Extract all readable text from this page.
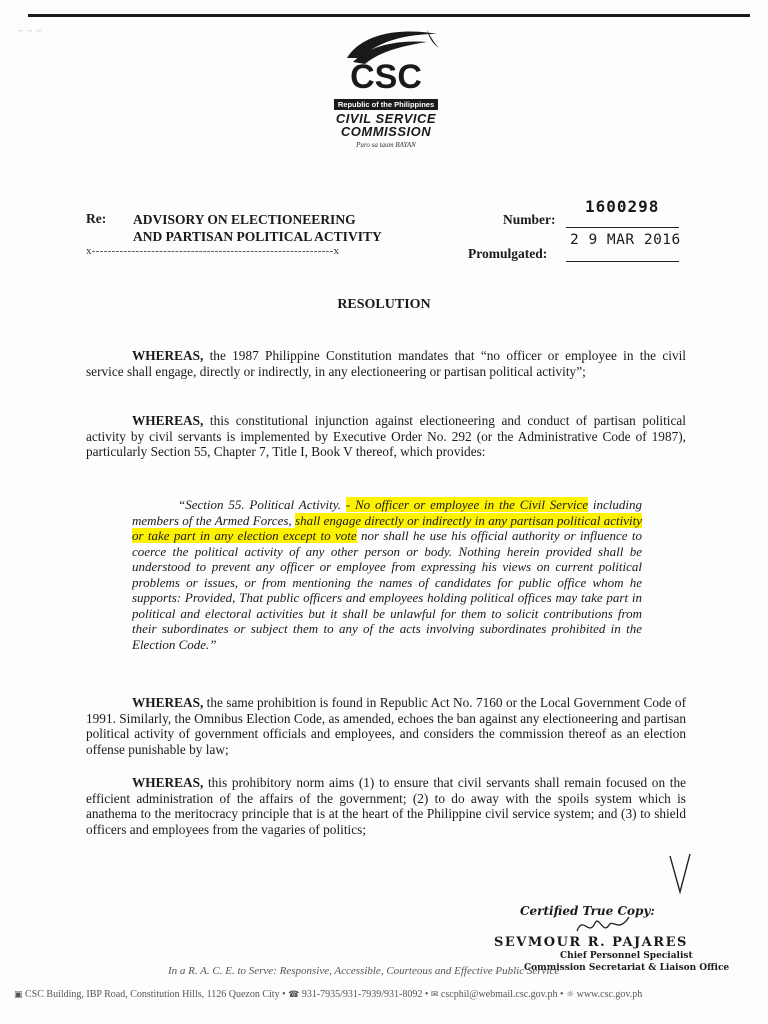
~ ~ ~
CSC
Republic of the Philippines
CIVIL SERVICE
COMMISSION
Puro sa taum BAYAN
Re: ADVISORY ON ELECTIONEERING
AND PARTISAN POLITICAL ACTIVITY
x-------------------------------------------------------------x
Number:
1600298
Promulgated:
2 9 MAR 2016
RESOLUTION
WHEREAS, the 1987 Philippine Constitution mandates that “no officer or employee in the civil service shall engage, directly or indirectly, in any electioneering or partisan political activity”;
WHEREAS, this constitutional injunction against electioneering and conduct of partisan political activity by civil servants is implemented by Executive Order No. 292 (or the Administrative Code of 1987), particularly Section 55, Chapter 7, Title I, Book V thereof, which provides:
“Section 55. Political Activity. - No officer or employee in the Civil Service including members of the Armed Forces, shall engage directly or indirectly in any partisan political activity or take part in any election except to vote nor shall he use his official authority or influence to coerce the political activity of any other person or body. Nothing herein provided shall be understood to prevent any officer or employee from expressing his views on current political problems or issues, or from mentioning the names of candidates for public office whom he supports: Provided, That public officers and employees holding political offices may take part in political and electoral activities but it shall be unlawful for them to solicit contributions from their subordinates or subject them to any of the acts involving subordinates prohibited in the Election Code.”
WHEREAS, the same prohibition is found in Republic Act No. 7160 or the Local Government Code of 1991. Similarly, the Omnibus Election Code, as amended, echoes the ban against any electioneering and partisan political activity of government officials and employees, and considers the commission thereof as an election offense punishable by law;
WHEREAS, this prohibitory norm aims (1) to ensure that civil servants shall remain focused on the efficient administration of the affairs of the government; (2) to do away with the spoils system which is anathema to the meritocracy principle that is at the heart of the Philippine civil service system; and (3) to shield officers and employees from the vagaries of politics;
Certified True Copy:
SEVMOUR R. PAJARES
Chief Personnel Specialist
Commission Secretariat & Liaison Office
In a R. A. C. E. to Serve: Responsive, Accessible, Courteous and Effective Public Service
▣ CSC Building, IBP Road, Constitution Hills, 1126 Quezon City • ☎ 931-7935/931-7939/931-8092 • ✉ cscphil@webmail.csc.gov.ph • ☼ www.csc.gov.ph
